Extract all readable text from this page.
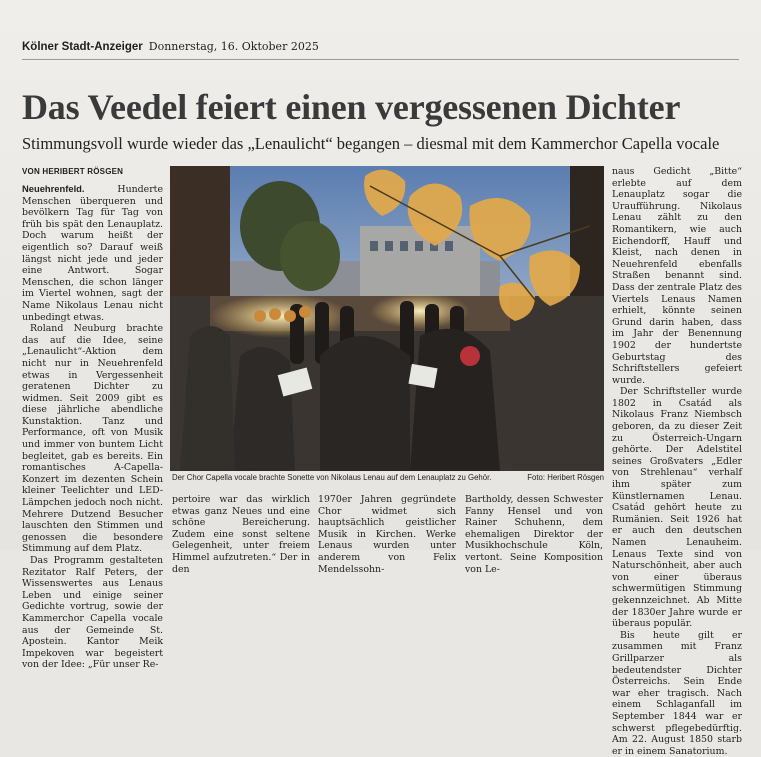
Kölner Stadt-Anzeiger Donnerstag, 16. Oktober 2025
Das Veedel feiert einen vergessenen Dichter
Stimmungsvoll wurde wieder das „Lenaulicht“ begangen – diesmal mit dem Kammerchor Capella vocale
VON HERIBERT RÖSGEN

Neuehrenfeld.	Hunderte Menschen überqueren und bevölkern Tag für Tag von früh bis spät den Lenauplatz. Doch warum heißt der eigentlich so? Darauf weiß längst nicht jede und jeder eine Antwort. Sogar Menschen, die schon länger im Viertel wohnen, sagt der Name Nikolaus Lenau nicht unbedingt etwas.

Roland Neuburg brachte das auf die Idee, seine „Lenaulicht“-Aktion dem nicht nur in Neuehrenfeld etwas in Vergessenheit geratenen Dichter zu widmen. Seit 2009 gibt es diese jährliche abendliche Kunstaktion. Tanz und Performance, oft von Musik und immer von buntem Licht begleitet, gab es bereits. Ein romantisches A-Capella-Konzert im dezenten Schein kleiner Teelichter und LED-Lämpchen jedoch noch nicht. Mehrere Dutzend Besucher lauschten den Stimmen und genossen die besondere Stimmung auf dem Platz.

Das Programm gestalteten Rezitator Ralf Peters, der Wissenswertes aus Lenaus Leben und einige seiner Gedichte vortrug, sowie der Kammerchor Capella vocale aus der Gemeinde St. Apostein. Kantor Meik Impekoven war begeistert von der Idee: „Für unser Re-

Der Chor Capella vocale brachte Sonette von Nikolaus Lenau auf dem Lenauplatz zu Gehör.	Foto: Heribert Rösgen

pertoire war das wirklich etwas ganz Neues und eine schöne Bereicherung. Zudem eine sonst seltene Gelegenheit, unter freiem Himmel aufzutreten.“ Der in den

1970er Jahren gegründete Chor widmet sich hauptsächlich geistlicher Musik in Kirchen. Werke Lenaus wurden unter anderem von Felix Mendelssohn-

Bartholdy, dessen Schwester Fanny Hensel und von Rainer Schuhenn, dem ehemaligen Direktor der Musikhochschule Köln, vertont. Seine Komposition von Le-

naus Gedicht „Bitte“ erlebte auf dem Lenauplatz sogar die Uraufführung. Nikolaus Lenau zählt zu den Romantikern, wie auch Eichendorff, Hauff und Kleist, nach denen in Neuehrenfeld ebenfalls Straßen benannt sind. Dass der zentrale Platz des Viertels Lenaus Namen erhielt, könnte seinen Grund darin haben, dass im Jahr der Benennung 1902 der hundertste Geburtstag des Schriftstellers gefeiert wurde.

Der Schriftsteller wurde 1802 in Csatád als Nikolaus Franz Niembsch geboren, da zu dieser Zeit zu Österreich-Ungarn gehörte. Der Adelstitel seines Großvaters „Edler von Strehlenau“ verhalf ihm später zum Künstlernamen Lenau. Csatád gehört heute zu Rumänien. Seit 1926 hat er auch den deutschen Namen Lenauheim. Lenaus Texte sind von Naturschönheit, aber auch von einer überaus schwermütigen Stimmung gekennzeichnet. Ab Mitte der 1830er Jahre wurde er überaus populär.

Bis heute gilt er zusammen mit Franz Grillparzer als bedeutendster Dichter Österreichs. Sein Ende war eher tragisch. Nach einem Schlaganfall im September 1844 war er schwerst pflegebedürftig. Am 22. August 1850 starb er in einem Sanatorium.
